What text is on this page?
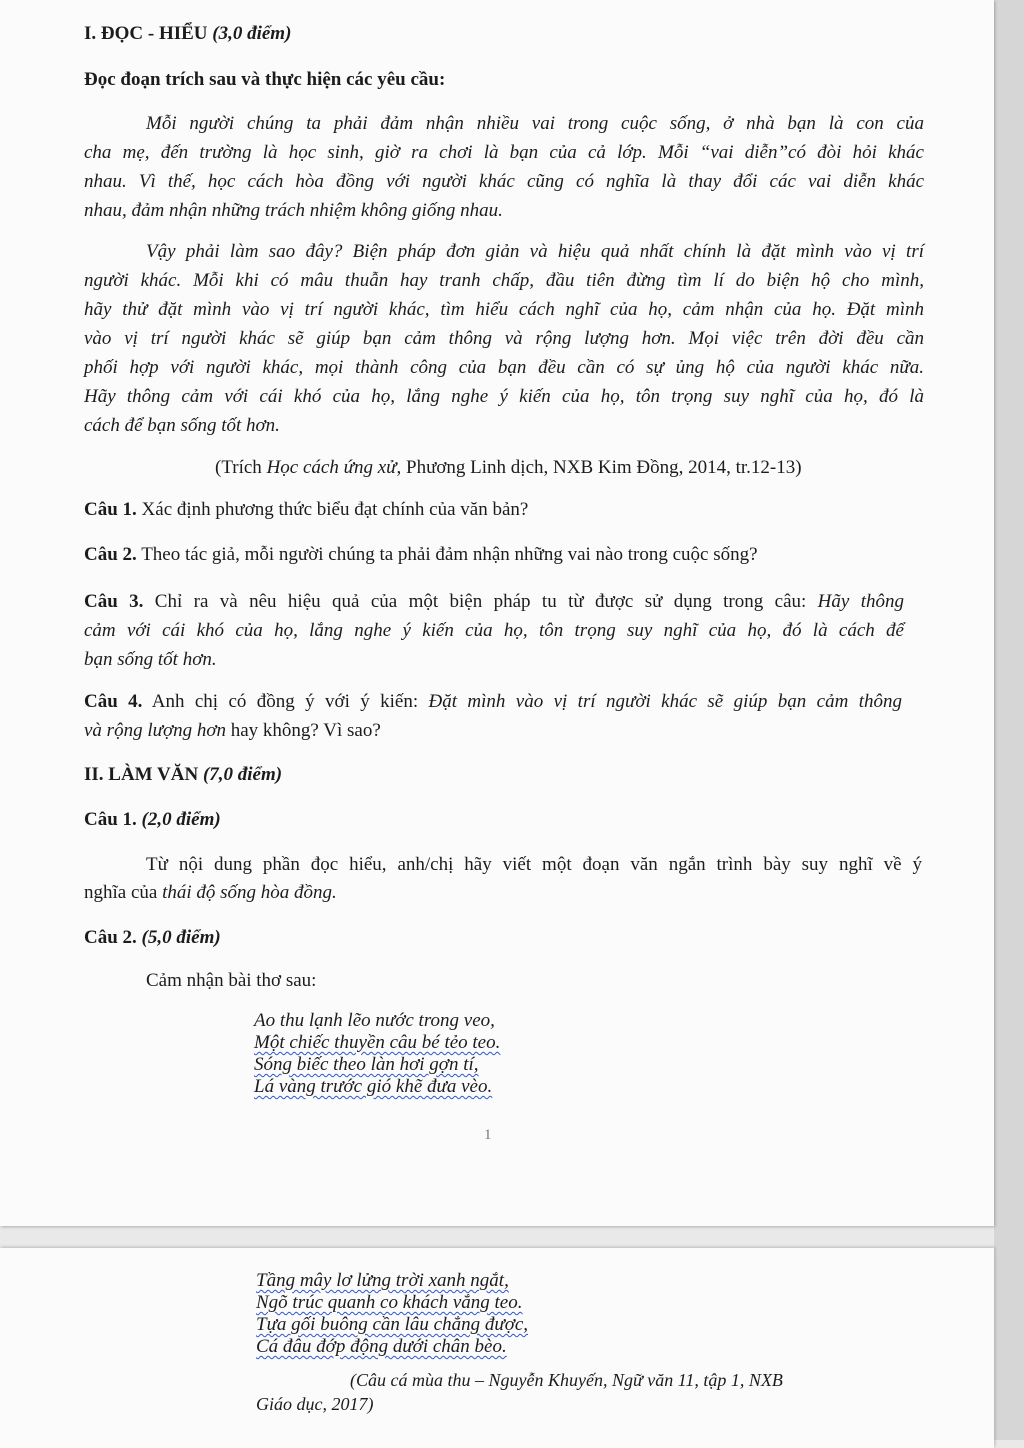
I. ĐỌC - HIỂU (3,0 điểm)
Đọc đoạn trích sau và thực hiện các yêu cầu:
Mỗi người chúng ta phải đảm nhận nhiều vai trong cuộc sống, ở nhà bạn là con của
cha mẹ, đến trường là học sinh, giờ ra chơi là bạn của cả lớp. Mỗi “vai diễn”có đòi hỏi khác
nhau. Vì thế, học cách hòa đồng với người khác cũng có nghĩa là thay đổi các vai diễn khác
nhau, đảm nhận những trách nhiệm không giống nhau.
Vậy phải làm sao đây? Biện pháp đơn giản và hiệu quả nhất chính là đặt mình vào vị trí
người khác. Mỗi khi có mâu thuẫn hay tranh chấp, đầu tiên đừng tìm lí do biện hộ cho mình,
hãy thử đặt mình vào vị trí người khác, tìm hiểu cách nghĩ của họ, cảm nhận của họ. Đặt mình
vào vị trí người khác sẽ giúp bạn cảm thông và rộng lượng hơn. Mọi việc trên đời đều cần
phối hợp với người khác, mọi thành công của bạn đều cần có sự ủng hộ của người khác nữa.
Hãy thông cảm với cái khó của họ, lắng nghe ý kiến của họ, tôn trọng suy nghĩ của họ, đó là
cách để bạn sống tốt hơn.
(Trích Học cách ứng xử, Phương Linh dịch, NXB Kim Đồng, 2014, tr.12-13)
Câu 1. Xác định phương thức biểu đạt chính của văn bản?
Câu 2. Theo tác giả, mỗi người chúng ta phải đảm nhận những vai nào trong cuộc sống?
Câu 3. Chỉ ra và nêu hiệu quả của một biện pháp tu từ được sử dụng trong câu: Hãy thông
cảm với cái khó của họ, lắng nghe ý kiến của họ, tôn trọng suy nghĩ của họ, đó là cách để
bạn sống tốt hơn.
Câu 4. Anh chị có đồng ý với ý kiến: Đặt mình vào vị trí người khác sẽ giúp bạn cảm thông
và rộng lượng hơn hay không? Vì sao?
II. LÀM VĂN (7,0 điểm)
Câu 1. (2,0 điểm)
Từ nội dung phần đọc hiểu, anh/chị hãy viết một đoạn văn ngắn trình bày suy nghĩ về ý
nghĩa của thái độ sống hòa đồng.
Câu 2. (5,0 điểm)
Cảm nhận bài thơ sau:
Ao thu lạnh lẽo nước trong veo,
Một chiếc thuyền câu bé tẻo teo.
Sóng biếc theo làn hơi gợn tí,
Lá vàng trước gió khẽ đưa vèo.
1
Tầng mây lơ lửng trời xanh ngắt,
Ngõ trúc quanh co khách vắng teo.
Tựa gối buông cần lâu chẳng được,
Cá đâu đớp động dưới chân bèo.
(Câu cá mùa thu – Nguyễn Khuyến, Ngữ văn 11, tập 1, NXB
Giáo dục, 2017)
